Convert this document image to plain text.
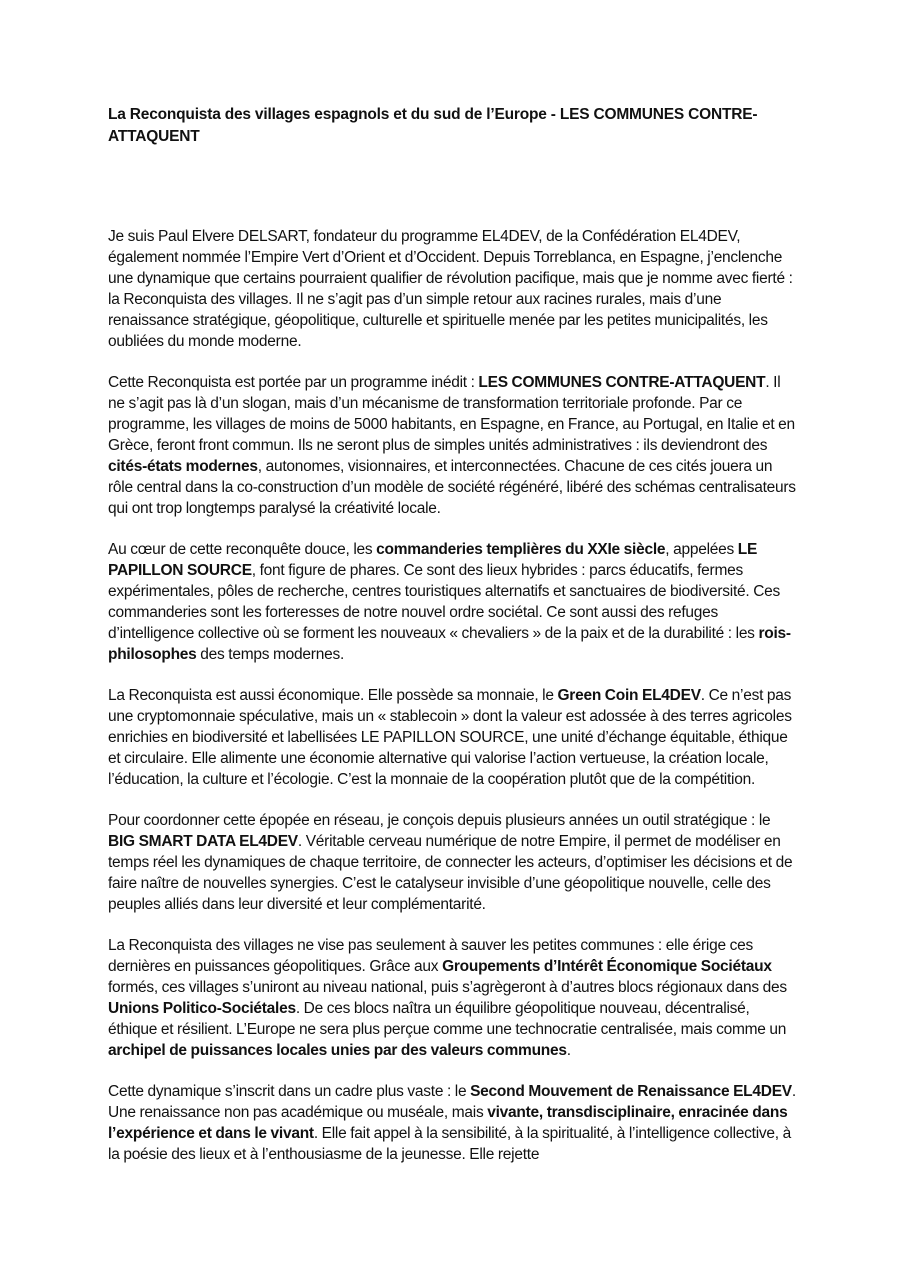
La Reconquista des villages espagnols et du sud de l’Europe - LES COMMUNES CONTRE-ATTAQUENT

Je suis Paul Elvere DELSART, fondateur du programme EL4DEV, de la Confédération EL4DEV, également nommée l’Empire Vert d’Orient et d’Occident. Depuis Torreblanca, en Espagne, j’enclenche une dynamique que certains pourraient qualifier de révolution pacifique, mais que je nomme avec fierté : la Reconquista des villages. Il ne s’agit pas d’un simple retour aux racines rurales, mais d’une renaissance stratégique, géopolitique, culturelle et spirituelle menée par les petites municipalités, les oubliées du monde moderne.

Cette Reconquista est portée par un programme inédit : LES COMMUNES CONTRE-ATTAQUENT. Il ne s’agit pas là d’un slogan, mais d’un mécanisme de transformation territoriale profonde. Par ce programme, les villages de moins de 5000 habitants, en Espagne, en France, au Portugal, en Italie et en Grèce, feront front commun. Ils ne seront plus de simples unités administratives : ils deviendront des cités-états modernes, autonomes, visionnaires, et interconnectées. Chacune de ces cités jouera un rôle central dans la co-construction d’un modèle de société régénéré, libéré des schémas centralisateurs qui ont trop longtemps paralysé la créativité locale.

Au cœur de cette reconquête douce, les commanderies templières du XXIe siècle, appelées LE PAPILLON SOURCE, font figure de phares. Ce sont des lieux hybrides : parcs éducatifs, fermes expérimentales, pôles de recherche, centres touristiques alternatifs et sanctuaires de biodiversité. Ces commanderies sont les forteresses de notre nouvel ordre sociétal. Ce sont aussi des refuges d’intelligence collective où se forment les nouveaux « chevaliers » de la paix et de la durabilité : les rois-philosophes des temps modernes.

La Reconquista est aussi économique. Elle possède sa monnaie, le Green Coin EL4DEV. Ce n’est pas une cryptomonnaie spéculative, mais un « stablecoin » dont la valeur est adossée à des terres agricoles enrichies en biodiversité et labellisées LE PAPILLON SOURCE, une unité d’échange équitable, éthique et circulaire. Elle alimente une économie alternative qui valorise l’action vertueuse, la création locale, l’éducation, la culture et l’écologie. C’est la monnaie de la coopération plutôt que de la compétition.

Pour coordonner cette épopée en réseau, je conçois depuis plusieurs années un outil stratégique : le BIG SMART DATA EL4DEV. Véritable cerveau numérique de notre Empire, il permet de modéliser en temps réel les dynamiques de chaque territoire, de connecter les acteurs, d’optimiser les décisions et de faire naître de nouvelles synergies. C’est le catalyseur invisible d’une géopolitique nouvelle, celle des peuples alliés dans leur diversité et leur complémentarité.

La Reconquista des villages ne vise pas seulement à sauver les petites communes : elle érige ces dernières en puissances géopolitiques. Grâce aux Groupements d’Intérêt Économique Sociétaux formés, ces villages s’uniront au niveau national, puis s’agrègeront à d’autres blocs régionaux dans des Unions Politico-Sociétales. De ces blocs naîtra un équilibre géopolitique nouveau, décentralisé, éthique et résilient. L’Europe ne sera plus perçue comme une technocratie centralisée, mais comme un archipel de puissances locales unies par des valeurs communes.

Cette dynamique s’inscrit dans un cadre plus vaste : le Second Mouvement de Renaissance EL4DEV. Une renaissance non pas académique ou muséale, mais vivante, transdisciplinaire, enracinée dans l’expérience et dans le vivant. Elle fait appel à la sensibilité, à la spiritualité, à l’intelligence collective, à la poésie des lieux et à l’enthousiasme de la jeunesse. Elle rejette
